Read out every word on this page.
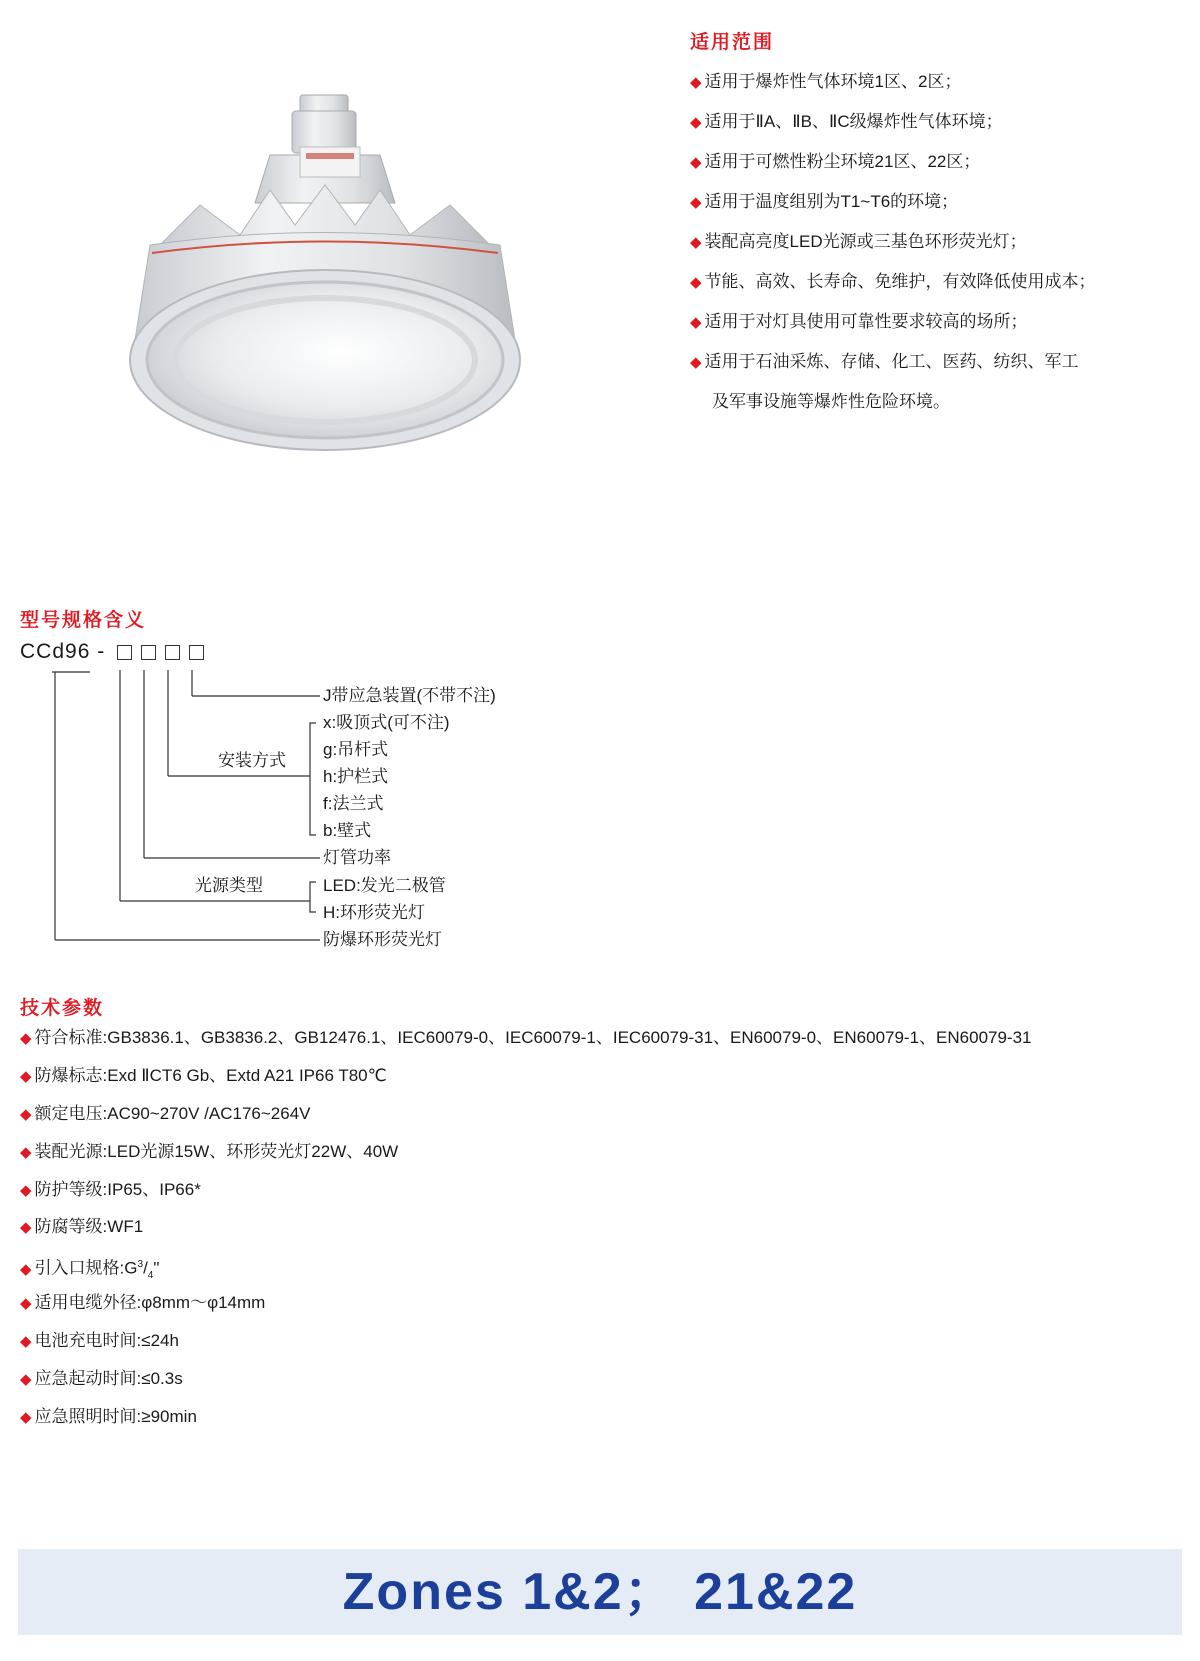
适用范围
◆ 适用于爆炸性气体环境1区、2区；
◆ 适用于ⅡA、ⅡB、ⅡC级爆炸性气体环境；
◆ 适用于可燃性粉尘环境21区、22区；
◆ 适用于温度组别为T1~T6的环境；
◆ 装配高亮度LED光源或三基色环形荧光灯；
◆ 节能、高效、长寿命、免维护，有效降低使用成本；
◆ 适用于对灯具使用可靠性要求较高的场所；
◆ 适用于石油采炼、存储、化工、医药、纺织、军工
及军事设施等爆炸性危险环境。
型号规格含义
CCd96 -
J带应急装置(不带不注)
x:吸顶式(可不注)
g:吊杆式
安装方式
h:护栏式
f:法兰式
b:壁式
灯管功率
光源类型	LED:发光二极管
H:环形荧光灯
防爆环形荧光灯
技术参数
◆ 符合标准:GB3836.1、GB3836.2、GB12476.1、IEC60079-0、IEC60079-1、IEC60079-31、EN60079-0、EN60079-1、EN60079-31
◆ 防爆标志:Exd ⅡCT6 Gb、Extd A21 IP66 T80℃
◆ 额定电压:AC90~270V /AC176~264V
◆ 装配光源:LED光源15W、环形荧光灯22W、40W
◆ 防护等级:IP65、IP66*
◆ 防腐等级:WF1
◆ 引入口规格$:G^3/_4$"
◆ 适用电缆外径:φ8mm～φ14mm
◆ 电池充电时间:≤24h
◆ 应急起动时间:≤0.3s
◆ 应急照明时间:≥90min
Zones 1&2； 21&22
